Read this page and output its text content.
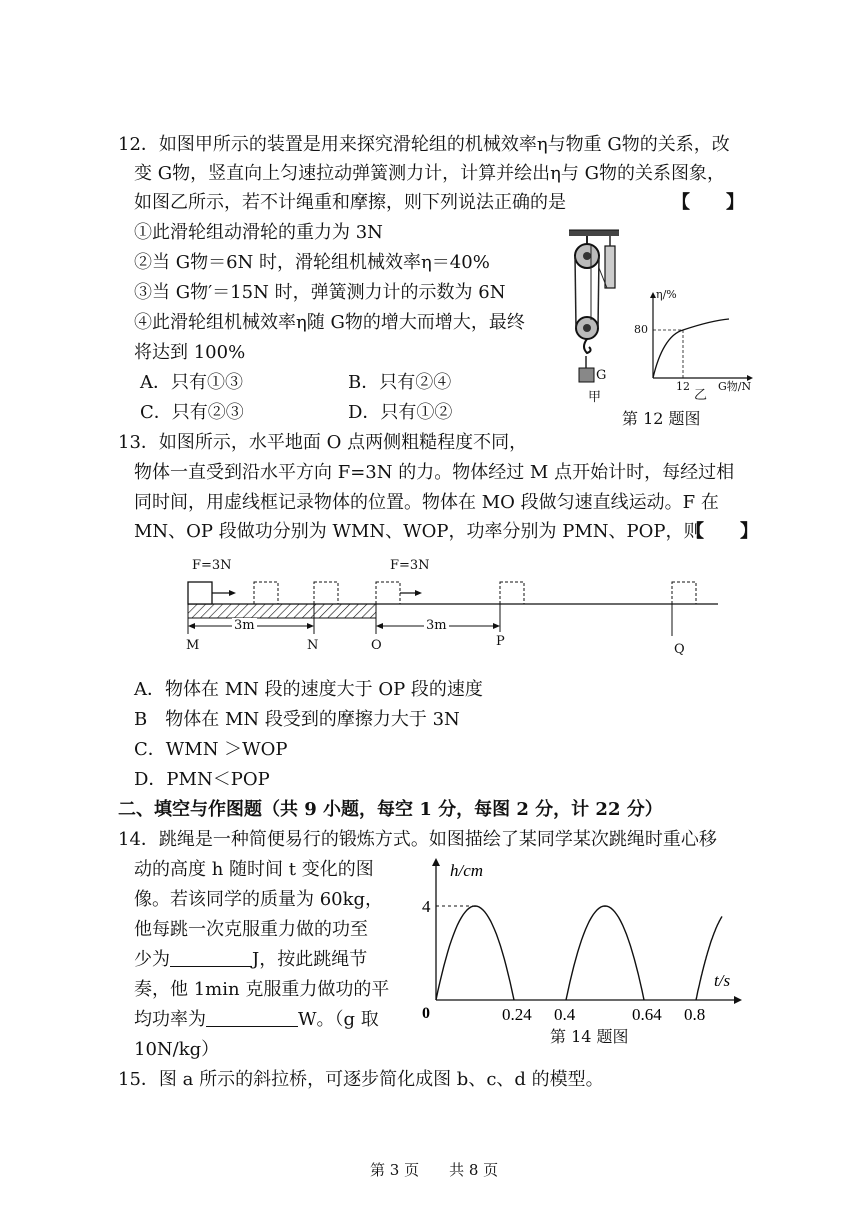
12．如图甲所示的装置是用来探究滑轮组的机械效率η与物重 G物的关系，改
变 G物，竖直向上匀速拉动弹簧测力计，计算并绘出η与 G物的关系图象，
如图乙所示，若不计绳重和摩擦，则下列说法正确的是	【　　】
①此滑轮组动滑轮的重力为 3N
②当 G物＝6N 时，滑轮组机械效率η＝40%
③当 G物′＝15N 时，弹簧测力计的示数为 6N
④此滑轮组机械效率η随 G物的增大而增大，最终
将达到 100%
A．只有①③	B．只有②④
C．只有②③	D．只有①②
G
甲
η/%
80
12	G物/N
乙
第 12 题图
13．如图所示，水平地面 O 点两侧粗糙程度不同，
物体一直受到沿水平方向 F=3N 的力。物体经过 M 点开始计时，每经过相
同时间，用虚线框记录物体的位置。物体在 MO 段做匀速直线运动。F 在
MN、OP 段做功分别为 WMN、WOP，功率分别为 PMN、POP，则
【　　】
F=3N	F=3N
3m	3m
M	N	O	P
Q
A．物体在 MN 段的速度大于 OP 段的速度
B　物体在 MN 段受到的摩擦力大于 3N
C．WMN ＞WOP
D．PMN＜POP
二、填空与作图题（共 9 小题，每空 1 分，每图 2 分，计 22 分）
14．跳绳是一种简便易行的锻炼方式。如图描绘了某同学某次跳绳时重心移
动的高度 h 随时间 t 变化的图
像。若该同学的质量为 60kg，
他每跳一次克服重力做的功至
少为	J，按此跳绳节
奏，他 1min 克服重力做功的平
均功率为	W。（g 取
10N/kg）
h/cm
t/s
0	0.24 0.4	0.64 0.8
4
第 14 题图
15．图 a 所示的斜拉桥，可逐步简化成图 b、c、d 的模型。
第 3 页　　共 8 页
